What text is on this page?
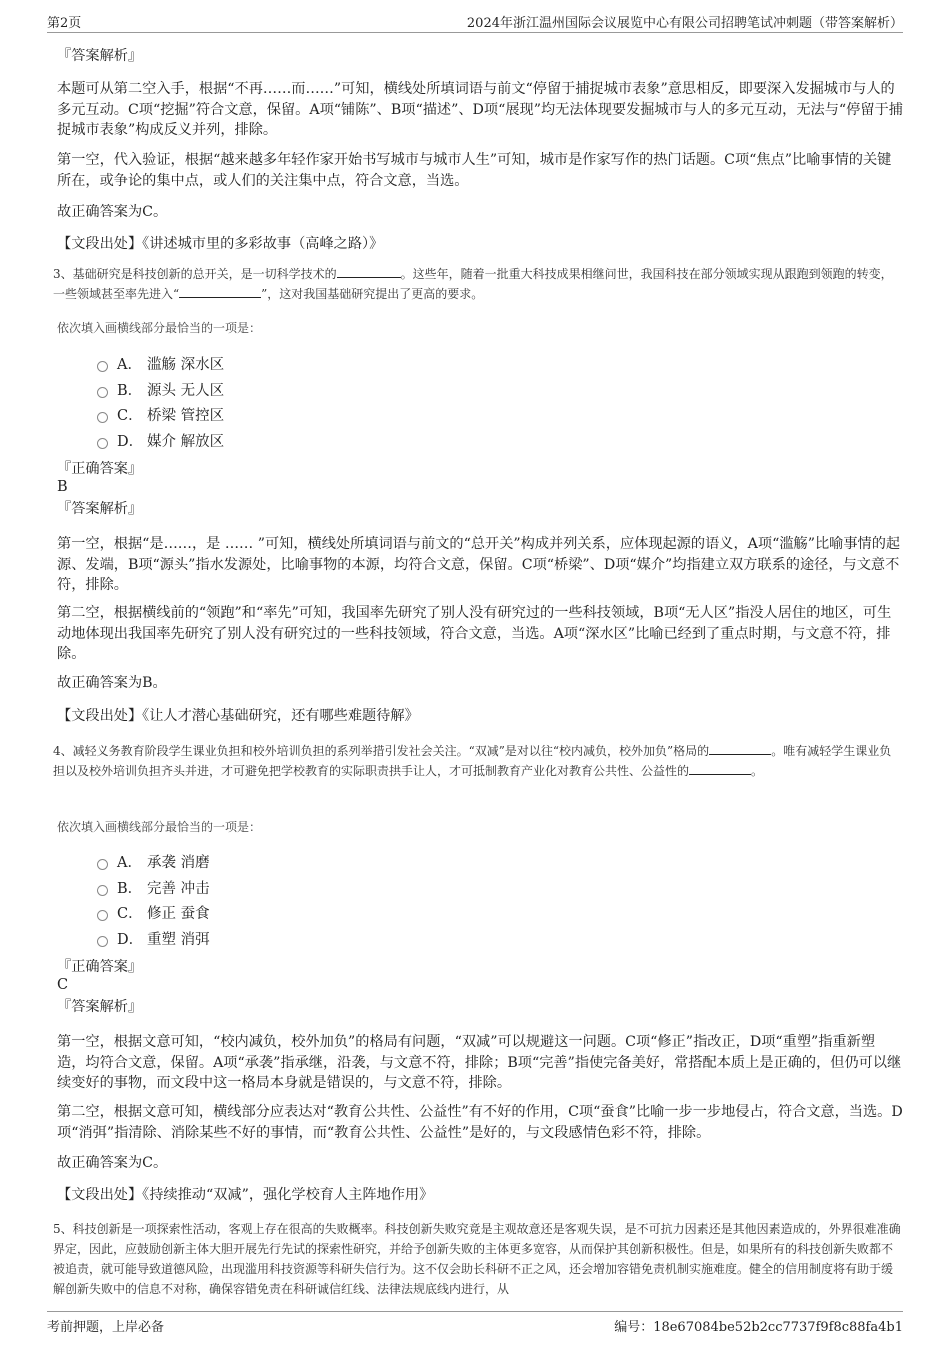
第2页	2024年浙江温州国际会议展览中心有限公司招聘笔试冲刺题（带答案解析）

『答案解析』

本题可从第二空入手，根据“不再……而……”可知，横线处所填词语与前文“停留于捕捉城市表象”意思相反，即要深入发掘城市与人的多元互动。C项“挖掘”符合文意，保留。A项“铺陈”、B项“描述”、D项“展现”均无法体现要发掘城市与人的多元互动，无法与“停留于捕捉城市表象”构成反义并列，排除。

第一空，代入验证，根据“越来越多年轻作家开始书写城市与城市人生”可知，城市是作家写作的热门话题。C项“焦点”比喻事情的关键所在，或争论的集中点，或人们的关注集中点，符合文意，当选。

故正确答案为C。

【文段出处】《讲述城市里的多彩故事（高峰之路）》

3、基础研究是科技创新的总开关，是一切科学技术的	。这些年，随着一批重大科技成果相继问世，我国科技在部分领域实现从跟跑到领跑的转变，一些领域甚至率先进入“	”，这对我国基础研究提出了更高的要求。

依次填入画横线部分最恰当的一项是：
A． 滥觞 深水区
B． 源头 无人区
C． 桥梁 管控区
D． 媒介 解放区

『正确答案』

B

『答案解析』

第一空，根据“是……，是 …… ”可知，横线处所填词语与前文的“总开关”构成并列关系，应体现起源的语义，A项“滥觞”比喻事情的起源、发端，B项“源头”指水发源处，比喻事物的本源，均符合文意，保留。C项“桥梁”、D项“媒介”均指建立双方联系的途径，与文意不符，排除。

第二空，根据横线前的“领跑”和“率先”可知，我国率先研究了别人没有研究过的一些科技领域，B项“无人区”指没人居住的地区，可生动地体现出我国率先研究了别人没有研究过的一些科技领域，符合文意，当选。A项“深水区”比喻已经到了重点时期，与文意不符，排除。

故正确答案为B。

【文段出处】《让人才潜心基础研究，还有哪些难题待解》

4、减轻义务教育阶段学生课业负担和校外培训负担的系列举措引发社会关注。“双减”是对以往“校内减负，校外加负”格局的	。唯有减轻学生课业负担以及校外培训负担齐头并进，才可避免把学校教育的实际职责拱手让人，才可抵制教育产业化对教育公共性、公益性的	。

依次填入画横线部分最恰当的一项是：
A． 承袭 消磨
B． 完善 冲击
C． 修正 蚕食
D． 重塑 消弭

『正确答案』

C

『答案解析』

第一空，根据文意可知，“校内减负，校外加负”的格局有问题，“双减”可以规避这一问题。C项“修正”指改正，D项“重塑”指重新塑造，均符合文意，保留。A项“承袭”指承继，沿袭，与文意不符，排除；B项“完善”指使完备美好，常搭配本质上是正确的，但仍可以继续变好的事物，而文段中这一格局本身就是错误的，与文意不符，排除。

第二空，根据文意可知，横线部分应表达对“教育公共性、公益性”有不好的作用，C项“蚕食”比喻一步一步地侵占，符合文意，当选。D项“消弭”指清除、消除某些不好的事情，而“教育公共性、公益性”是好的，与文段感情色彩不符，排除。

故正确答案为C。

【文段出处】《持续推动“双减”，强化学校育人主阵地作用》

5、科技创新是一项探索性活动，客观上存在很高的失败概率。科技创新失败究竟是主观故意还是客观失误，是不可抗力因素还是其他因素造成的，外界很难准确界定，因此，应鼓励创新主体大胆开展先行先试的探索性研究，并给予创新失败的主体更多宽容，从而保护其创新积极性。但是，如果所有的科技创新失败都不被追责，就可能导致道德风险，出现滥用科技资源等科研失信行为。这不仅会助长科研不正之风，还会增加容错免责机制实施难度。健全的信用制度将有助于缓解创新失败中的信息不对称，确保容错免责在科研诚信红线、法律法规底线内进行，从

考前押题，上岸必备	编号：18e67084be52b2cc7737f9f8c88fa4b1
